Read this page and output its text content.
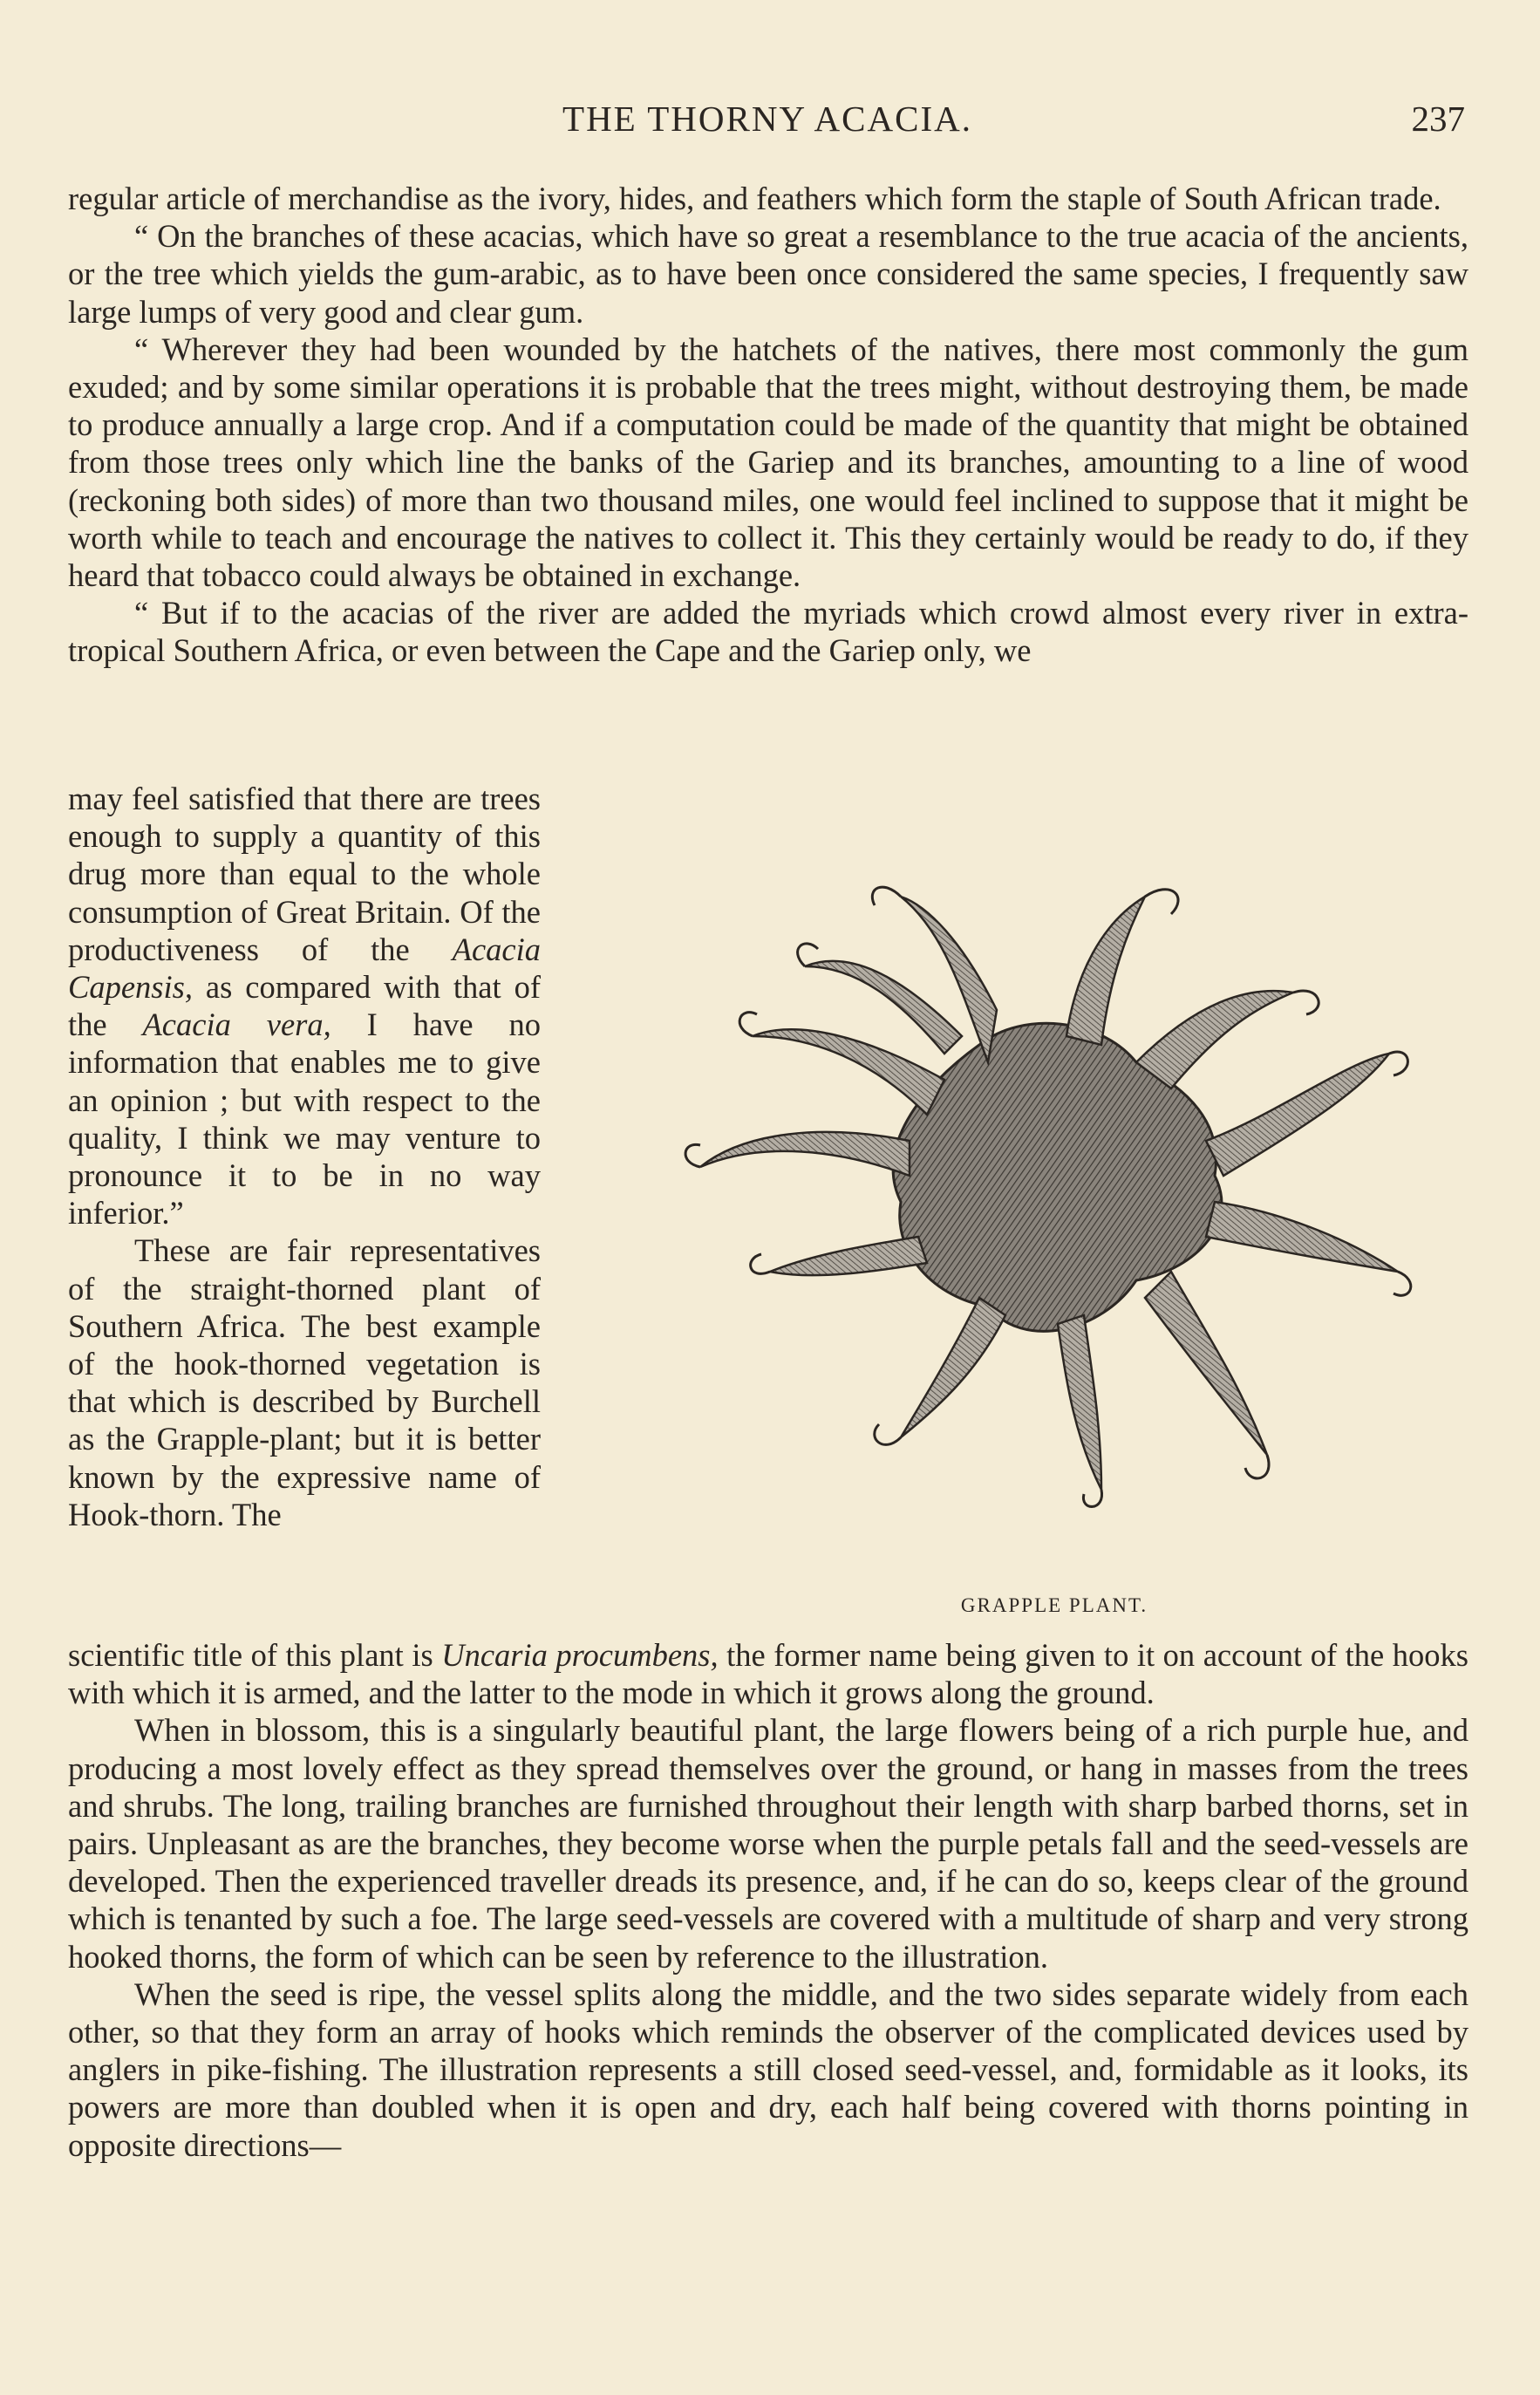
THE THORNY ACACIA.	237

regular article of merchandise as the ivory, hides, and feathers which form the staple of South African trade.

“ On the branches of these acacias, which have so great a resemblance to the true acacia of the ancients, or the tree which yields the gum-arabic, as to have been once considered the same species, I frequently saw large lumps of very good and clear gum.

“ Wherever they had been wounded by the hatchets of the natives, there most commonly the gum exuded; and by some similar operations it is probable that the trees might, without destroying them, be made to produce annually a large crop. And if a computation could be made of the quantity that might be obtained from those trees only which line the banks of the Gariep and its branches, amounting to a line of wood (reckoning both sides) of more than two thousand miles, one would feel inclined to suppose that it might be worth while to teach and encourage the natives to collect it. This they certainly would be ready to do, if they heard that tobacco could always be obtained in exchange.

“ But if to the acacias of the river are added the myriads which crowd almost every river in extra-tropical Southern Africa, or even between the Cape and the Gariep only, we

may feel satisfied that there are trees enough to supply a quantity of this drug more than equal to the whole consumption of Great Britain. Of the productiveness of the Acacia Capensis, as compared with that of the Acacia vera, I have no information that enables me to give an opinion ; but with respect to the quality, I think we may venture to pronounce it to be in no way inferior.”

These are fair representatives of the straight-thorned plant of Southern Africa. The best example of the hook-thorned vegetation is that which is described by Burchell as the Grapple-plant; but it is better known by the expressive name of Hook-thorn. The

GRAPPLE PLANT.

scientific title of this plant is Uncaria procumbens, the former name being given to it on account of the hooks with which it is armed, and the latter to the mode in which it grows along the ground.

When in blossom, this is a singularly beautiful plant, the large flowers being of a rich purple hue, and producing a most lovely effect as they spread themselves over the ground, or hang in masses from the trees and shrubs. The long, trailing branches are furnished throughout their length with sharp barbed thorns, set in pairs. Unpleasant as are the branches, they become worse when the purple petals fall and the seed-vessels are developed. Then the experienced traveller dreads its presence, and, if he can do so, keeps clear of the ground which is tenanted by such a foe. The large seed-vessels are covered with a multitude of sharp and very strong hooked thorns, the form of which can be seen by reference to the illustration.

When the seed is ripe, the vessel splits along the middle, and the two sides separate widely from each other, so that they form an array of hooks which reminds the observer of the complicated devices used by anglers in pike-fishing. The illustration represents a still closed seed-vessel, and, formidable as it looks, its powers are more than doubled when it is open and dry, each half being covered with thorns pointing in opposite directions—
